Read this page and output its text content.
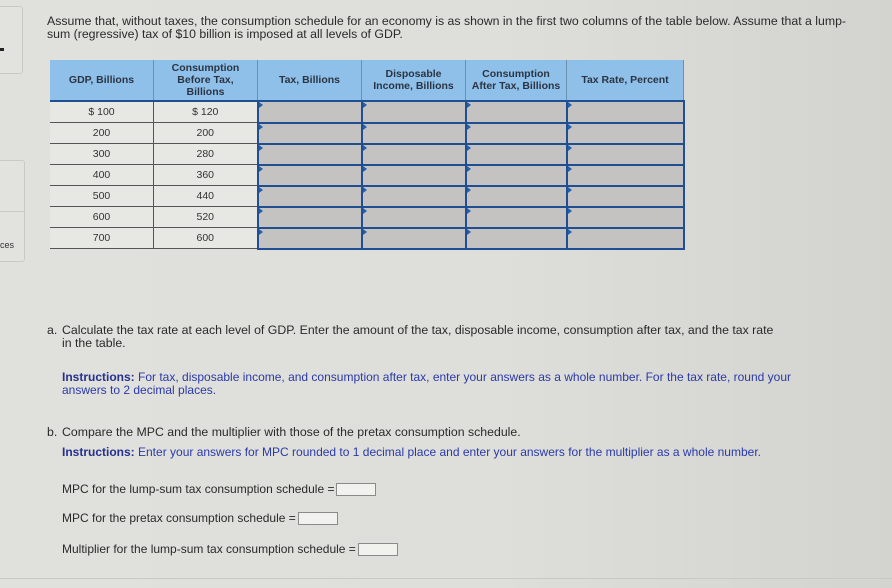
ces
Assume that, without taxes, the consumption schedule for an economy is as shown in the first two columns of the table below. Assume that a lump-sum (regressive) tax of $10 billion is imposed at all levels of GDP.
GDP, Billions	Consumption Before Tax, Billions	Tax, Billions	Disposable Income, Billions	Consumption After Tax, Billions	Tax Rate, Percent
$ 100	$ 120	

200	200	

300	280	

400	360	

500	440	

600	520	

700	600	

a. Calculate the tax rate at each level of GDP. Enter the amount of the tax, disposable income, consumption after tax, and the tax rate
in the table.
Instructions: For tax, disposable income, and consumption after tax, enter your answers as a whole number. For the tax rate, round your answers to 2 decimal places.
b. Compare the MPC and the multiplier with those of the pretax consumption schedule.
Instructions: Enter your answers for MPC rounded to 1 decimal place and enter your answers for the multiplier as a whole number.
MPC for the lump-sum tax consumption schedule =
MPC for the pretax consumption schedule =
Multiplier for the lump-sum tax consumption schedule =
